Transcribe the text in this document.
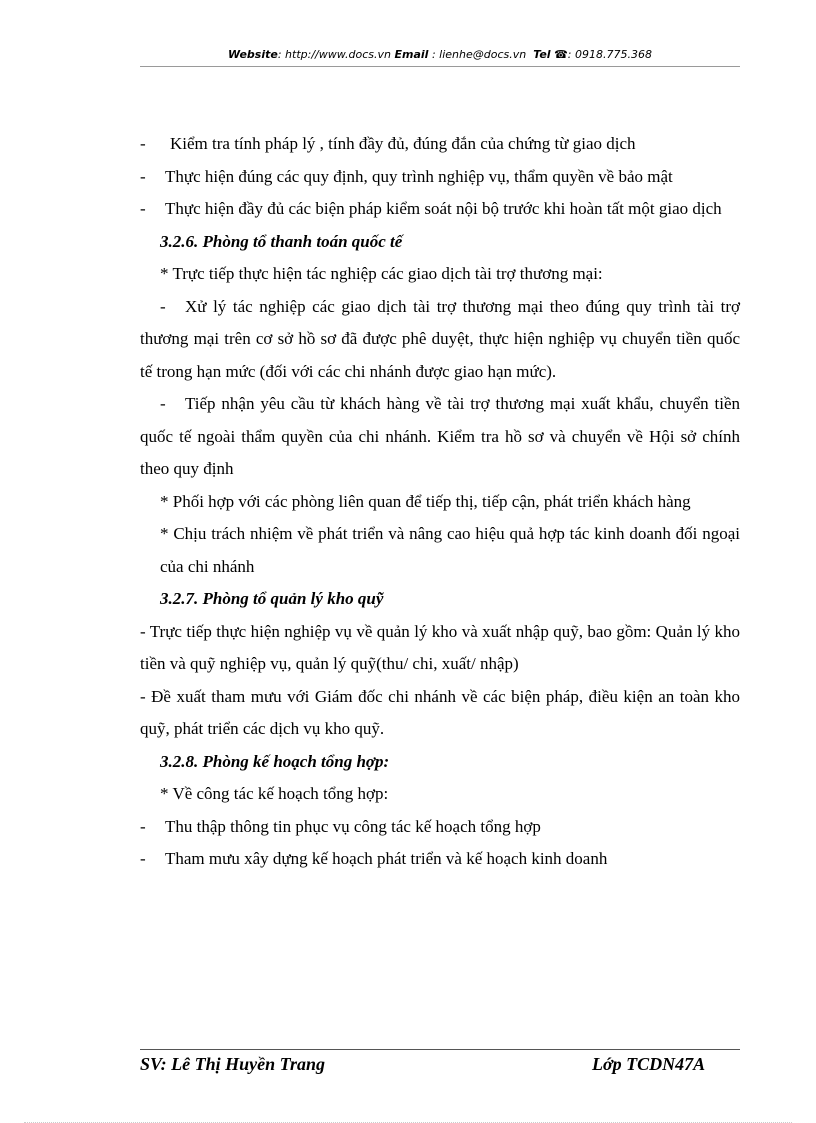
Website: http://www.docs.vn Email : lienhe@docs.vn Tel ☎: 0918.775.368
-	Kiểm tra tính pháp lý , tính đầy đủ, đúng đắn của chứng từ giao dịch
-	Thực hiện đúng các quy định, quy trình nghiệp vụ, thẩm quyền về bảo mật
-	Thực hiện đầy đủ các biện pháp kiểm soát nội bộ trước khi hoàn tất một giao dịch

3.2.6. Phòng tổ thanh toán quốc tế

* Trực tiếp thực hiện tác nghiệp các giao dịch tài trợ thương mại:

- Xử lý tác nghiệp các giao dịch tài trợ thương mại theo đúng quy trình tài trợ thương mại trên cơ sở hồ sơ đã được phê duyệt, thực hiện nghiệp vụ chuyển tiền quốc tế trong hạn mức (đối với các chi nhánh được giao hạn mức).

- Tiếp nhận yêu cầu từ khách hàng về tài trợ thương mại xuất khẩu, chuyển tiền quốc tế ngoài thẩm quyền của chi nhánh. Kiểm tra hồ sơ và chuyển về Hội sở chính theo quy định

* Phối hợp với các phòng liên quan để tiếp thị, tiếp cận, phát triển khách hàng

* Chịu trách nhiệm về phát triển và nâng cao hiệu quả hợp tác kinh doanh đối ngoại của chi nhánh

3.2.7. Phòng tổ quản lý kho quỹ

- Trực tiếp thực hiện nghiệp vụ về quản lý kho và xuất nhập quỹ, bao gồm: Quản lý kho tiền và quỹ nghiệp vụ, quản lý quỹ(thu/ chi, xuất/ nhập)

- Đề xuất tham mưu với Giám đốc chi nhánh về các biện pháp, điều kiện an toàn kho quỹ, phát triển các dịch vụ kho quỹ.

3.2.8. Phòng kế hoạch tổng hợp:

* Về công tác kế hoạch tổng hợp:

-	Thu thập thông tin phục vụ công tác kế hoạch tổng hợp
-	Tham mưu xây dựng kế hoạch phát triển và kế hoạch kinh doanh
SV: Lê Thị Huyền Trang	Lớp TCDN47A
